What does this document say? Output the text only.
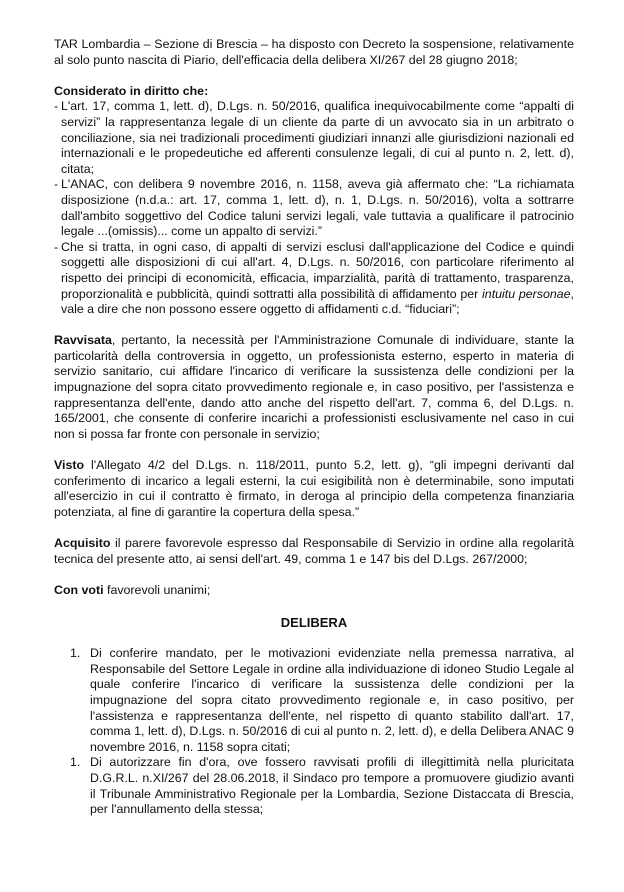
TAR Lombardia – Sezione di Brescia – ha disposto con Decreto la sospensione, relativamente al solo punto nascita di Piario, dell'efficacia della delibera XI/267 del 28 giugno 2018;

Considerato in diritto che:

- L'art. 17, comma 1, lett. d), D.Lgs. n. 50/2016, qualifica inequivocabilmente come “appalti di servizi” la rappresentanza legale di un cliente da parte di un avvocato sia in un arbitrato o conciliazione, sia nei tradizionali procedimenti giudiziari innanzi alle giurisdizioni nazionali ed internazionali e le propedeutiche ed afferenti consulenze legali, di cui al punto n. 2, lett. d), citata;
- L'ANAC, con delibera 9 novembre 2016, n. 1158, aveva già affermato che: “La richiamata disposizione (n.d.a.: art. 17, comma 1, lett. d), n. 1, D.Lgs. n. 50/2016), volta a sottrarre dall'ambito soggettivo del Codice taluni servizi legali, vale tuttavia a qualificare il patrocinio legale ...(omissis)... come un appalto di servizi.”
- Che si tratta, in ogni caso, di appalti di servizi esclusi dall'applicazione del Codice e quindi soggetti alle disposizioni di cui all'art. 4, D.Lgs. n. 50/2016, con particolare riferimento al rispetto dei principi di economicità, efficacia, imparzialità, parità di trattamento, trasparenza, proporzionalità e pubblicità, quindi sottratti alla possibilità di affidamento per intuitu personae, vale a dire che non possono essere oggetto di affidamenti c.d. “fiduciari”;

Ravvisata, pertanto, la necessità per l'Amministrazione Comunale di individuare, stante la particolarità della controversia in oggetto, un professionista esterno, esperto in materia di servizio sanitario, cui affidare l'incarico di verificare la sussistenza delle condizioni per la impugnazione del sopra citato provvedimento regionale e, in caso positivo, per l'assistenza e rappresentanza dell'ente, dando atto anche del rispetto dell'art. 7, comma 6, del D.Lgs. n. 165/2001, che consente di conferire incarichi a professionisti esclusivamente nel caso in cui non si possa far fronte con personale in servizio;

Visto l'Allegato 4/2 del D.Lgs. n. 118/2011, punto 5.2, lett. g), “gli impegni derivanti dal conferimento di incarico a legali esterni, la cui esigibilità non è determinabile, sono imputati all'esercizio in cui il contratto è firmato, in deroga al principio della competenza finanziaria potenziata, al fine di garantire la copertura della spesa.”

Acquisito il parere favorevole espresso dal Responsabile di Servizio in ordine alla regolarità tecnica del presente atto, ai sensi dell'art. 49, comma 1 e 147 bis del D.Lgs. 267/2000;

Con voti favorevoli unanimi;

DELIBERA

1. Di conferire mandato, per le motivazioni evidenziate nella premessa narrativa, al Responsabile del Settore Legale in ordine alla individuazione di idoneo Studio Legale al quale conferire l'incarico di verificare la sussistenza delle condizioni per la impugnazione del sopra citato provvedimento regionale e, in caso positivo, per l'assistenza e rappresentanza dell'ente, nel rispetto di quanto stabilito dall'art. 17, comma 1, lett. d), D.Lgs. n. 50/2016 di cui al punto n. 2, lett. d), e della Delibera ANAC 9 novembre 2016, n. 1158 sopra citati;
1. Di autorizzare fin d'ora, ove fossero ravvisati profili di illegittimità nella pluricitata D.G.R.L. n.XI/267 del 28.06.2018, il Sindaco pro tempore a promuovere giudizio avanti il Tribunale Amministrativo Regionale per la Lombardia, Sezione Distaccata di Brescia, per l'annullamento della stessa;
